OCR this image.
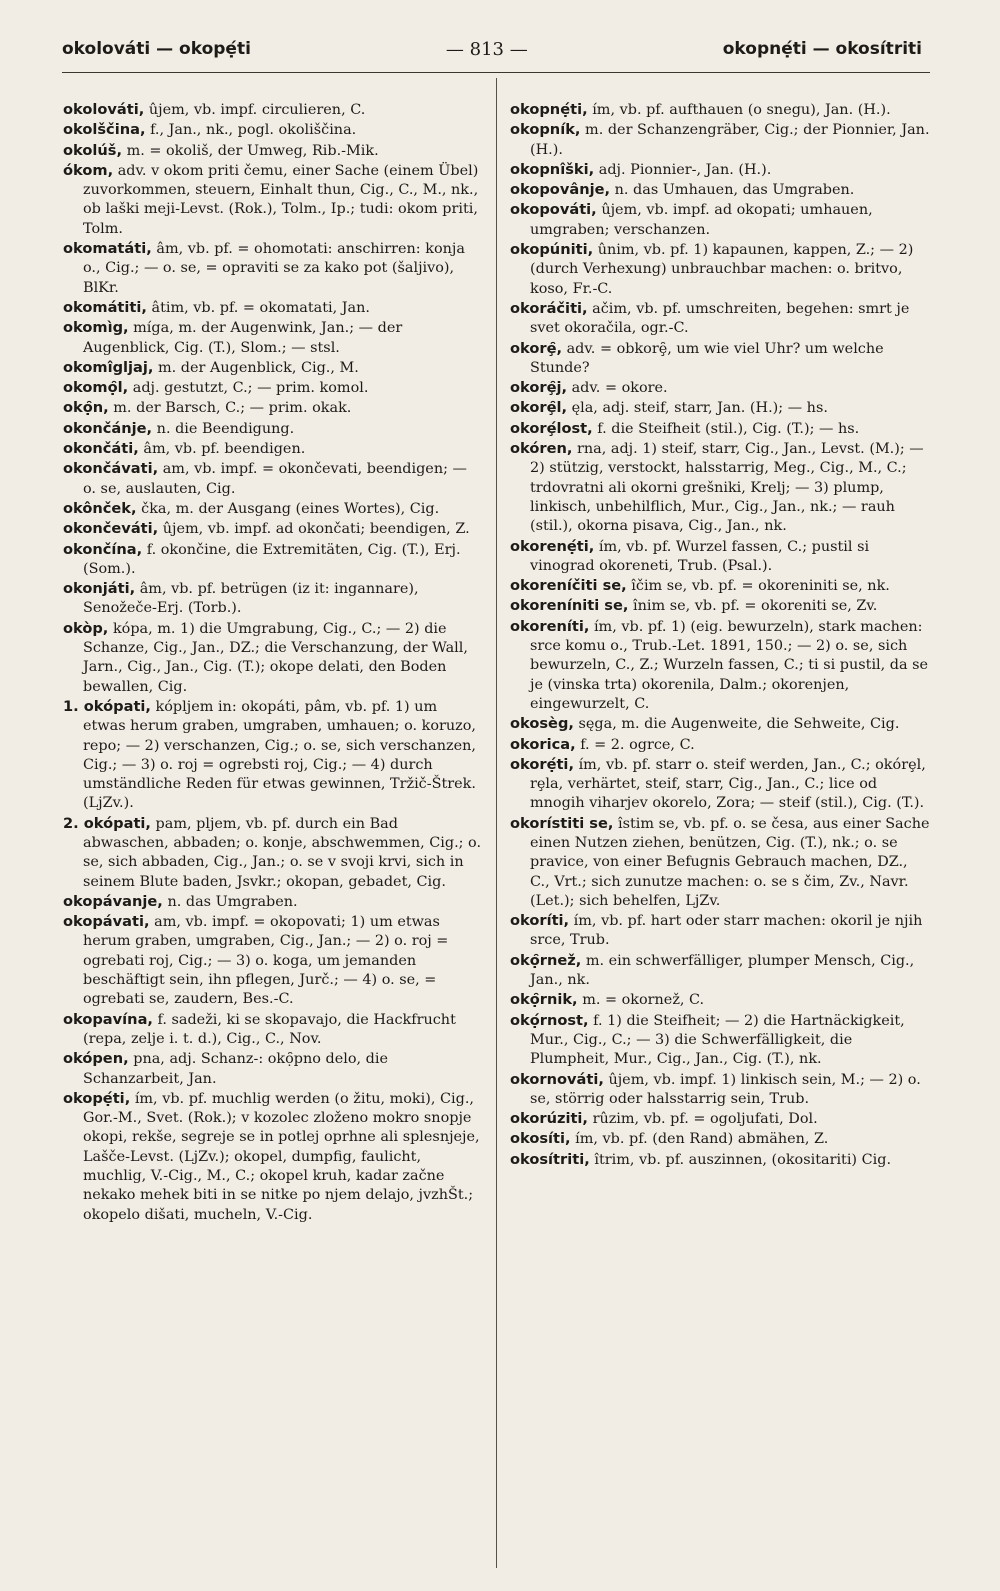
okolováti — okopẹ́ti	— 813 —	okopnẹ́ti — okosítriti

okolováti, ûjem, vb. impf. circulieren, C.

okolščina, f., Jan., nk., pogl. okoliščina.

okolúš, m. = okoliš, der Umweg, Rib.-Mik.

ókom, adv. v okom priti čemu, einer Sache (einem Übel) zuvorkommen, steuern, Einhalt thun, Cig., C., M., nk., ob laški meji-Levst. (Rok.), Tolm., Ip.; tudi: okom priti, Tolm.

okomatáti, âm, vb. pf. = ohomotati: anschirren: konja o., Cig.; — o. se, = opraviti se za kako pot (šaljivo), BlKr.

okomátiti, âtim, vb. pf. = okomatati, Jan.

okomìg, míga, m. der Augenwink, Jan.; — der Augenblick, Cig. (T.), Slom.; — stsl.

okomîgljaj, m. der Augenblick, Cig., M.

okomọ̑l, adj. gestutzt, C.; — prim. komol.

okọ̑n, m. der Barsch, C.; — prim. okak.

okončánje, n. die Beendigung.

okončáti, âm, vb. pf. beendigen.

okončávati, am, vb. impf. = okončevati, beendigen; — o. se, auslauten, Cig.

okônček, čka, m. der Ausgang (eines Wortes), Cig.

okončeváti, ûjem, vb. impf. ad okončati; beendigen, Z.

okončína, f. okončine, die Extremitäten, Cig. (T.), Erj. (Som.).

okonjáti, âm, vb. pf. betrügen (iz it: ingannare), Senožeče-Erj. (Torb.).

okòp, kópa, m. 1) die Umgrabung, Cig., C.; — 2) die Schanze, Cig., Jan., DZ.; die Verschanzung, der Wall, Jarn., Cig., Jan., Cig. (T.); okope delati, den Boden bewallen, Cig.

1. okópati, kópljem in: okopáti, pâm, vb. pf. 1) um etwas herum graben, umgraben, umhauen; o. koruzo, repo; — 2) verschanzen, Cig.; o. se, sich verschanzen, Cig.; — 3) o. roj = ogrebsti roj, Cig.; — 4) durch umständliche Reden für etwas gewinnen, Tržič-Štrek. (LjZv.).

2. okópati, pam, pljem, vb. pf. durch ein Bad abwaschen, abbaden; o. konje, abschwemmen, Cig.; o. se, sich abbaden, Cig., Jan.; o. se v svoji krvi, sich in seinem Blute baden, Jsvkr.; okopan, gebadet, Cig.

okopávanje, n. das Umgraben.

okopávati, am, vb. impf. = okopovati; 1) um etwas herum graben, umgraben, Cig., Jan.; — 2) o. roj = ogrebati roj, Cig.; — 3) o. koga, um jemanden beschäftigt sein, ihn pflegen, Jurč.; — 4) o. se, = ogrebati se, zaudern, Bes.-C.

okopavína, f. sadeži, ki se skopavajo, die Hackfrucht (repa, zelje i. t. d.), Cig., C., Nov.

okópen, pna, adj. Schanz-: okọ̑pno delo, die Schanzarbeit, Jan.

okopẹ́ti, ím, vb. pf. muchlig werden (o žitu, moki), Cig., Gor.-M., Svet. (Rok.); v kozolec zloženo mokro snopje okopi, rekše, segreje se in potlej oprhne ali splesnjeje, Lašče-Levst. (LjZv.); okopel, dumpfig, faulicht, muchlig, V.-Cig., M., C.; okopel kruh, kadar začne nekako mehek biti in se nitke po njem delajo, jvzhŠt.; okopelo dišati, mucheln, V.-Cig.

okopnẹ́ti, ím, vb. pf. aufthauen (o snegu), Jan. (H.).

okopník, m. der Schanzengräber, Cig.; der Pionnier, Jan. (H.).

okopnîški, adj. Pionnier-, Jan. (H.).

okopovânje, n. das Umhauen, das Umgraben.

okopováti, ûjem, vb. impf. ad okopati; umhauen, umgraben; verschanzen.

okopúniti, ûnim, vb. pf. 1) kapaunen, kappen, Z.; — 2) (durch Verhexung) unbrauchbar machen: o. britvo, koso, Fr.-C.

okoráčiti, ačim, vb. pf. umschreiten, begehen: smrt je svet okoračila, ogr.-C.

okorȩ̑, adv. = obkorȩ̑, um wie viel Uhr? um welche Stunde?

okorȩ̑j, adv. = okore.

okorȩ̑l, ęla, adj. steif, starr, Jan. (H.); — hs.

okorȩ́lost, f. die Steifheit (stil.), Cig. (T.); — hs.

okóren, rna, adj. 1) steif, starr, Cig., Jan., Levst. (M.); — 2) stützig, verstockt, halsstarrig, Meg., Cig., M., C.; trdovratni ali okorni grešniki, Krelj; — 3) plump, linkisch, unbehilflich, Mur., Cig., Jan., nk.; — rauh (stil.), okorna pisava, Cig., Jan., nk.

okorenẹ́ti, ím, vb. pf. Wurzel fassen, C.; pustil si vinograd okoreneti, Trub. (Psal.).

okoreníčiti se, îčim se, vb. pf. = okoreniniti se, nk.

okoreníniti se, înim se, vb. pf. = okoreniti se, Zv.

okoreníti, ím, vb. pf. 1) (eig. bewurzeln), stark machen: srce komu o., Trub.-Let. 1891, 150.; — 2) o. se, sich bewurzeln, C., Z.; Wurzeln fassen, C.; ti si pustil, da se je (vinska trta) okorenila, Dalm.; okorenjen, eingewurzelt, C.

okosèg, sęga, m. die Augenweite, die Sehweite, Cig.

okorica, f. = 2. ogrce, C.

okorẹ́ti, ím, vb. pf. starr o. steif werden, Jan., C.; okórȩl, rȩla, verhärtet, steif, starr, Cig., Jan., C.; lice od mnogih viharjev okorelo, Zora; — steif (stil.), Cig. (T.).

okorístiti se, îstim se, vb. pf. o. se česa, aus einer Sache einen Nutzen ziehen, benützen, Cig. (T.), nk.; o. se pravice, von einer Befugnis Gebrauch machen, DZ., C., Vrt.; sich zunutze machen: o. se s čim, Zv., Navr. (Let.); sich behelfen, LjZv.

okoríti, ím, vb. pf. hart oder starr machen: okoril je njih srce, Trub.

okọ̑rnež, m. ein schwerfälliger, plumper Mensch, Cig., Jan., nk.

okọ̑rnik, m. = okornež, C.

okọ́rnost, f. 1) die Steifheit; — 2) die Hartnäckigkeit, Mur., Cig., C.; — 3) die Schwerfälligkeit, die Plumpheit, Mur., Cig., Jan., Cig. (T.), nk.

okornováti, ûjem, vb. impf. 1) linkisch sein, M.; — 2) o. se, störrig oder halsstarrig sein, Trub.

okorúziti, rûzim, vb. pf. = ogoljufati, Dol.

okosíti, ím, vb. pf. (den Rand) abmähen, Z.

okosítriti, îtrim, vb. pf. auszinnen, (okositariti) Cig.
